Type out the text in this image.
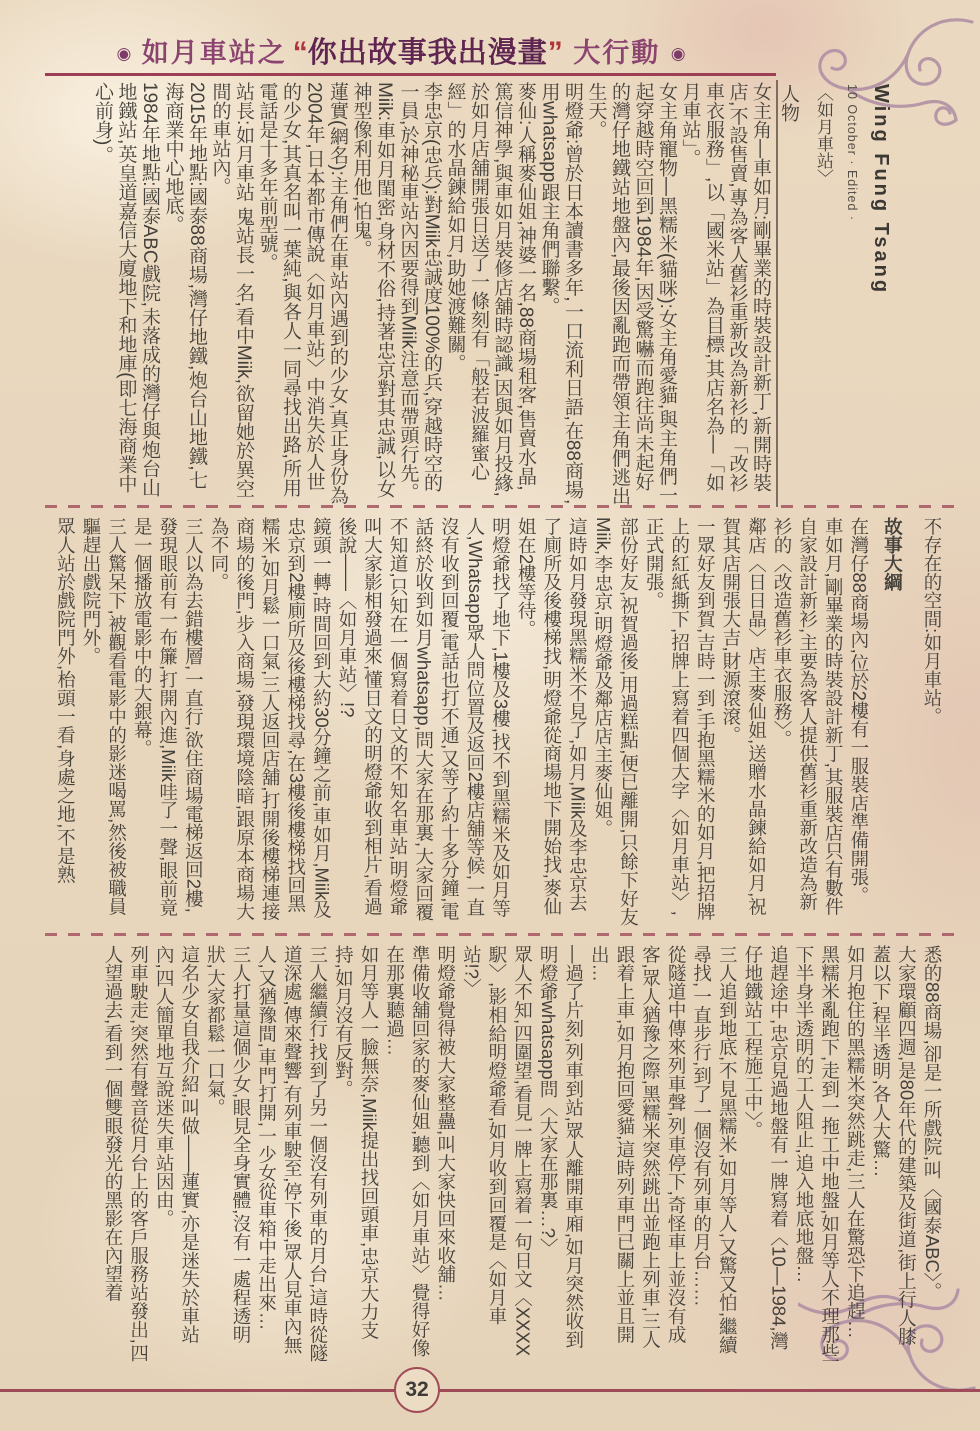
◉ 如月車站之 “你出故事我出漫畫” 大行動 ◉
Wing Fung Tsang
10 October · Edited ·
〈如月車站〉
人物

女主角—車如月:剛畢業的時裝設計新丁,新開時裝店,不設售賣,專為客人舊衫重新改為新衫的「改衫車衣服務」,以「國米站」為目標,其店名為—「如月車站」。

女主角寵物—黑糯米(貓咪):女主角愛貓,與主角們一起穿越時空回到1984年,因受驚嚇而跑往尚未起好的灣仔地鐵站地盤內,最後因亂跑而帶領主角們逃出生天。

明燈爺:曾於日本讀書多年,一口流利日語,在88商場,用whatsapp跟主角們聯繫。

麥仙:人稱麥仙姐,神婆一名,88商場租客,售賣水晶,篤信神學,與車如月裝修店舖時認識,因與如月投緣,於如月店舖開張日送了一條刻有「般若波羅蜜心經」的水晶鍊給如月,助她渡難關。

李忠京(忠兵):對Miik忠誠度100%的兵,穿越時空的一員,於神秘車站內因要得到Miik注意而帶頭行先。

Miik:車如月閨密,身材不俗,持著忠京對其忠誠,以女神型像利用他,怕鬼。

蓮實(網名):主角們在車站內遇到的少女,真正身份為2004年,日本都市傳說〈如月車站〉中消失於人世的少女,其真名叫一葉純,與各人一同尋找出路,所用電話是十多年前型號。

站長:如月車站 鬼站長一名,看中Miik,欲留她於異空間的車站內。

2015年地點:國泰88商場,灣仔地鐵,炮台山地鐵,七海商業中心地底。

1984年地點:國泰ABC戲院,未落成的灣仔與炮台山地鐵站,英皇道嘉信大廈地下和地庫(即七海商業中心前身)。

不存在的空間:如月車站。

故事大綱

在灣仔88商場內,位於2樓有一服裝店準備開張。

車如月,剛畢業的時裝設計新丁,其服裝店只有數件自家設計新衫,主要為客人提供舊衫重新改造為新衫的〈改造舊衫車衣服務〉。

鄰店〈日日晶〉店主麥仙姐,送贈水晶鍊給如月,祝賀其店開張大吉,財源滾滾。

一眾好友到賀,吉時一到,手抱黑糯米的如月,把招牌上的紅紙撕下,招牌上寫着四個大字〈如月車站〉,正式開張。

部份好友,祝賀過後,用過糕點,便已離開,只餘下好友Miik,李忠京,明燈爺及鄰店店主麥仙姐。

這時如月發現黑糯米不見了,如月,Miik及李忠京去了廁所及後樓梯找,明燈爺從商場地下開始找,麥仙姐在2樓等待。

明燈爺找了地下,1樓及3樓,找不到黑糯米及如月等人,Whatsapp眾人問位置及返回2樓店舖等候,一直沒有收到回覆,電話也打不通,又等了約十多分鐘,電話終於收到如月whatsapp,問大家在那裏,大家回覆不知道,只知在一個寫着日文的不知名車站,明燈爺叫大家影相發過來,懂日文的明燈爺收到相片,看過後說——〈如月車站〉!?

鏡頭一轉,時間回到大約30分鐘之前,車如月,Miik及忠京到2樓廁所及後樓梯找尋,在3樓後樓梯找回黑糯米,如月鬆一口氣,三人返回店舖,打開後樓梯連接商場的後門,步入商場,發現環境陰暗,跟原本商場大為不同。

三人以為去錯樓層,一直行,欲住商場電梯返回2樓,發現眼前有一布簾,打開內進,Miik哇了一聲,眼前竟是一個播放電影中的大銀幕。

三人驚呆下,被觀看電影中的影迷喝罵,然後被職員驅趕出戲院門外。

眾人站於戲院門外,枱頭一看,身處之地,不是熟

悉的88商場,卻是一所戲院,叫〈國泰ABC〉。

大家環顧四週,是80年代的建築及街道,街上行人膝蓋以下,程半透明,各人大驚…

如月抱住的黑糯米突然跳走,三人在驚恐下追趕…

黑糯米亂跑下,走到一拖工中地盤,如月等人不理那些下半身半透明的工人阻止,追入地底地盤…

追趕途中,忠京見過地盤有一牌寫着〈10—1984,灣仔地鐵站工程施工中〉。

三人追到地底,不見黑糯米,如月等人,又驚又怕,繼續尋找,一直步行,到了一個沒有列車的月台……

從隧道中傳來列車聲,列車停下,奇怪車上並沒有成客,眾人猶豫之際,黑糯米突然跳出並跑上列車,三人跟着上車,如月抱回愛貓,這時列車門已關上並且開出…

—過了片刻,列車到站,眾人離開車廂,如月突然收到明燈爺whatsapp問〈大家在那裏…?〉

眾人不知,四圍望,看見一牌上寫着一句日文〈XXXX駅〉,影相給明燈爺看,如月收到回覆是〈如月車站!?〉

明燈爺覺得被大家整蠱,叫大家快回來收舖…

準備收舖回家的麥仙姐,聽到〈如月車站〉覺得好像在那裏聽過…

如月等人一臉無奈,Miik提出找回頭車,忠京大力支持,如月沒有反對。

三人繼續行,找到了另一個沒有列車的月台,這時從隧道深處,傳來聲響,有列車駛至,停下後,眾人見車內無人,又猶豫間,車門打開,一少女從車箱中走出來…

三人打量這個少女,眼見全身實體,沒有一處程透明狀,大家都鬆一口氣。

這名少女自我介紹,叫做——蓮實,亦是迷失於車站內,四人簡單地互說迷失車站因由。

列車駛走,突然有聲音從月台上的客戶服務站發出,四人望過去,看到一個雙眼發光的黑影在內望着

32
